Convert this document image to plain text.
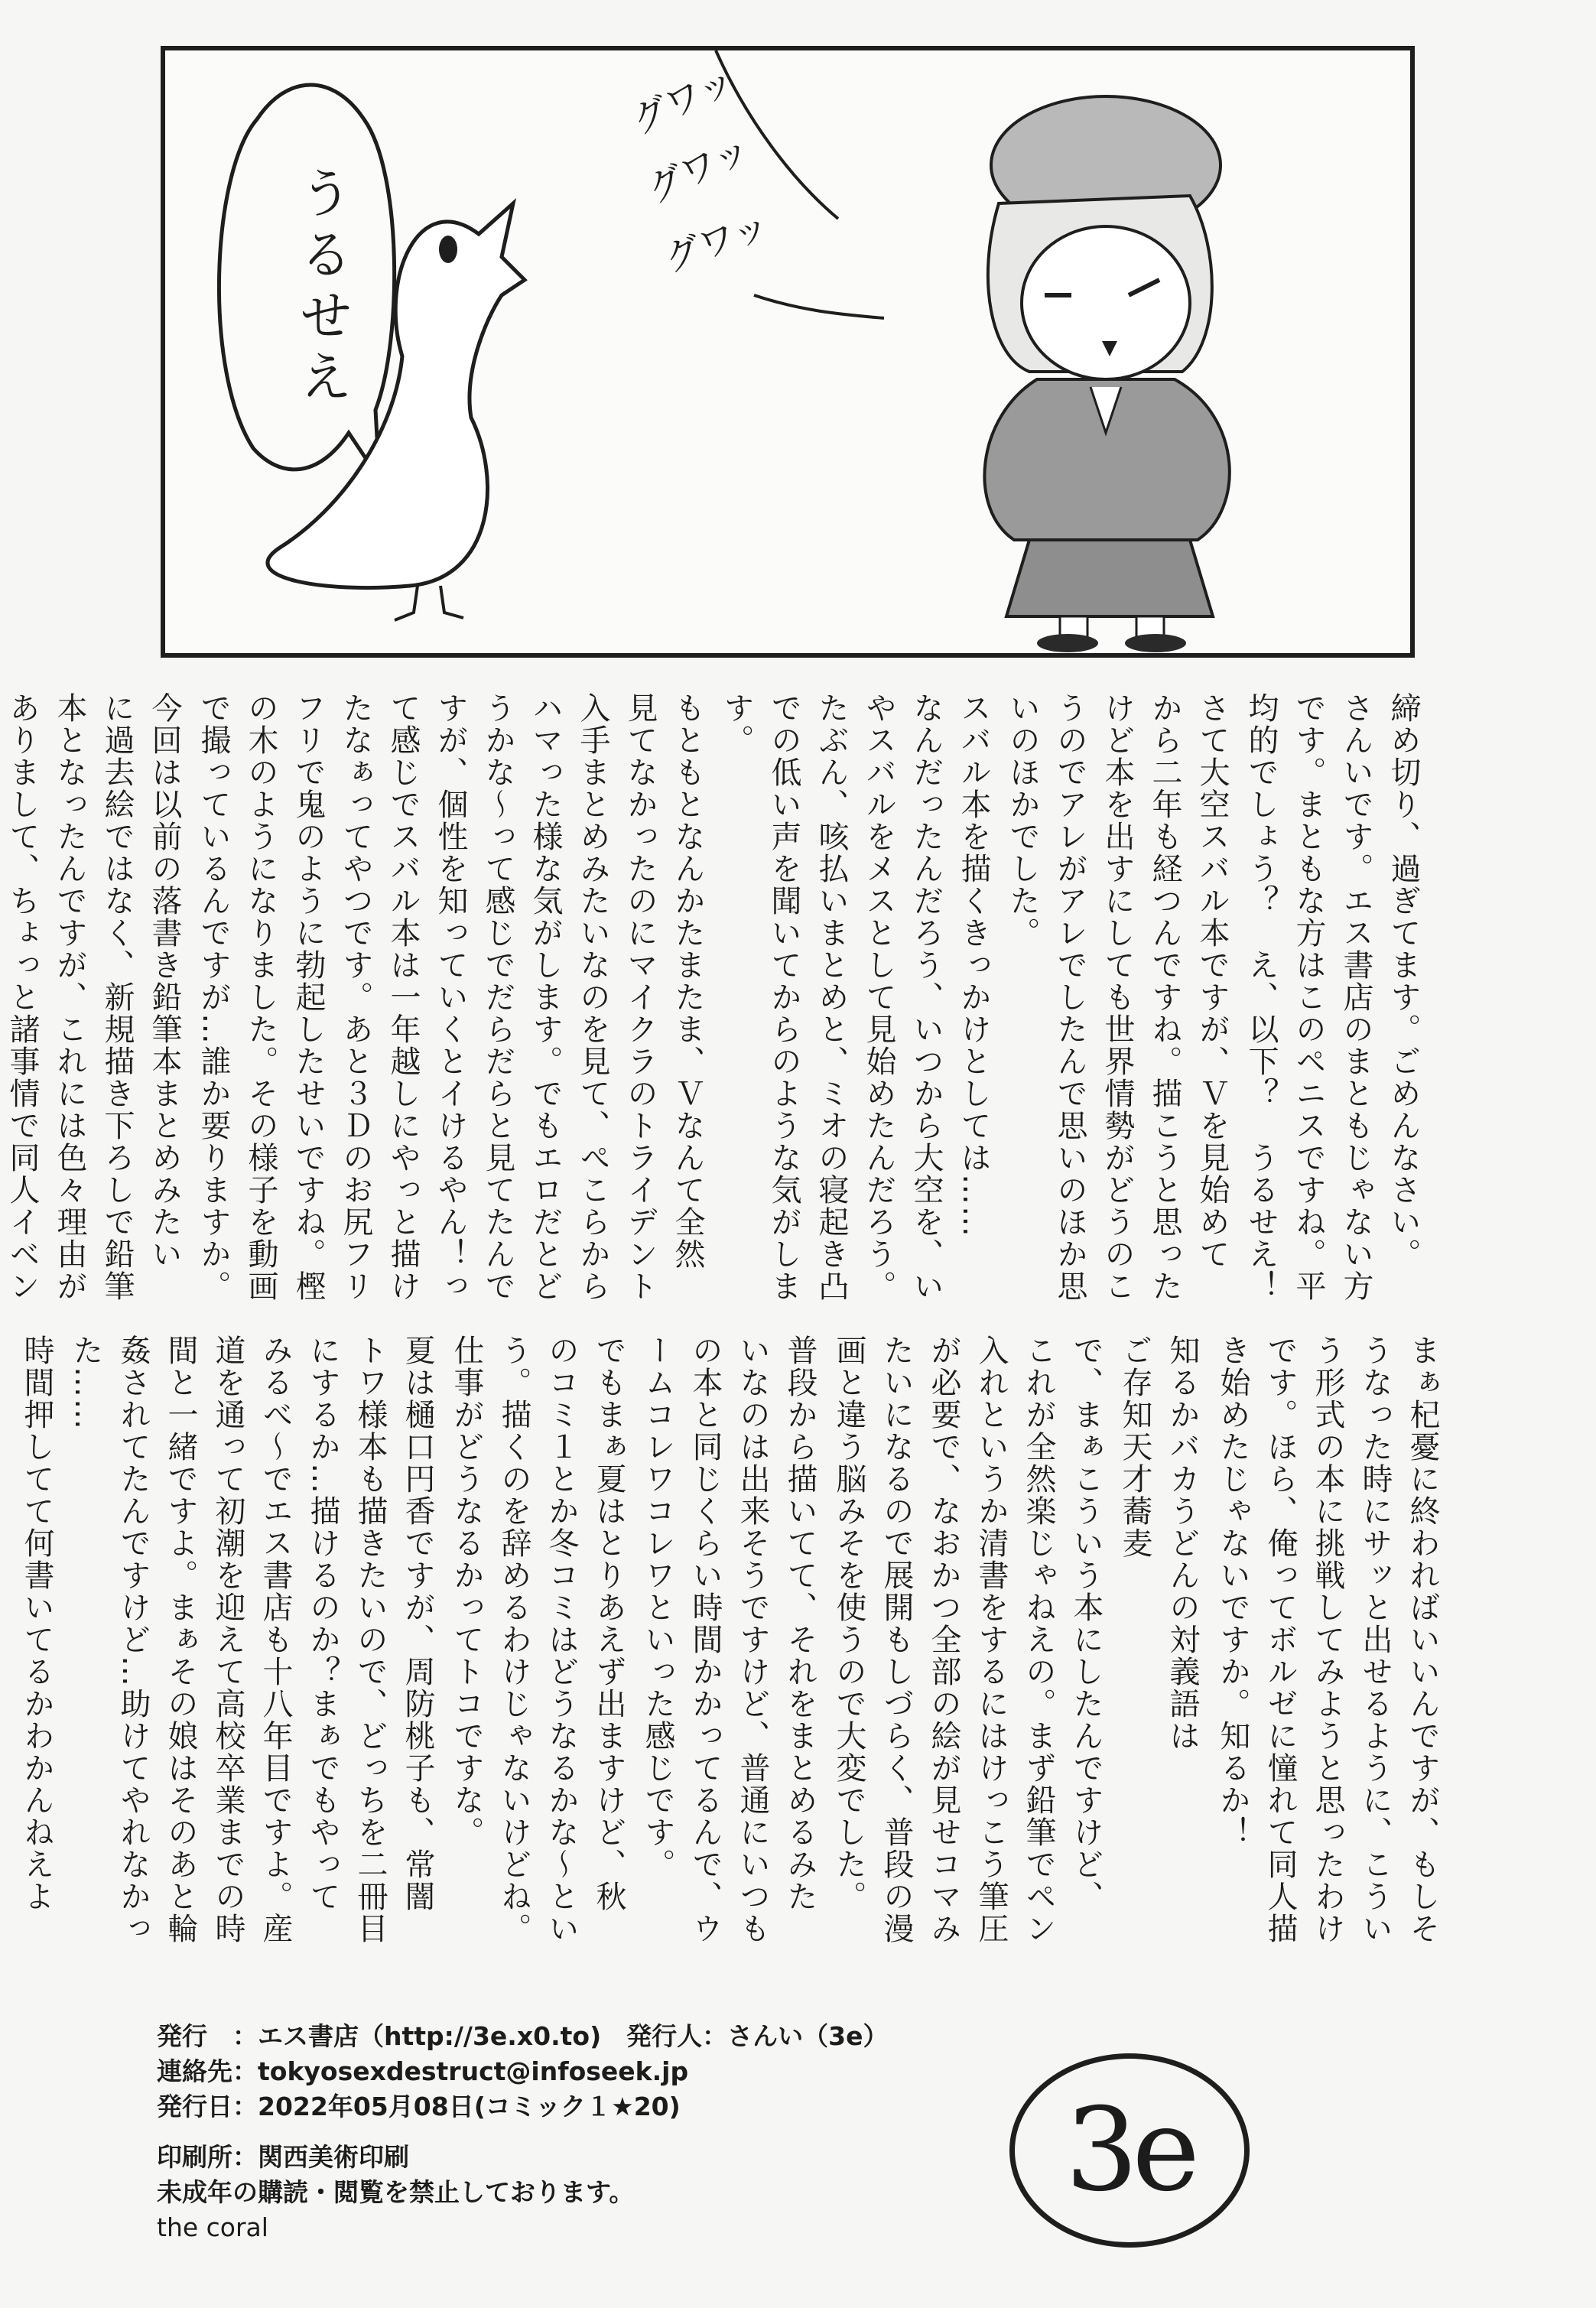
うるせえ
グワッ
グワッ
グワッ
締め切り、過ぎてます。ごめんなさい。
さんいです。エス書店のまともじゃない方
です。まともな方はこのペニスですね。平
均的でしょう？　え、以下？　うるせえ！
さて大空スバル本ですが、Ｖを見始めて
から二年も経つんですね。描こうと思った
けど本を出すにしても世界情勢がどうのこ
うのでアレがアレでしたんで思いのほか思
いのほかでした。
スバル本を描くきっかけとしては……
なんだったんだろう、いつから大空を、い
やスバルをメスとして見始めたんだろう。
たぶん、咳払いまとめと、ミオの寝起き凸
での低い声を聞いてからのような気がしま
す。
もともとなんかたまたま、Ｖなんて全然
見てなかったのにマイクラのトライデント
入手まとめみたいなのを見て、ぺこらから
ハマった様な気がします。でもエロだとど
うかな〜って感じでだらだらと見てたんで
すが、個性を知っていくとイけるやん！っ
て感じでスバル本は一年越しにやっと描け
たなぁってやつです。あと３Ｄのお尻フリ
フリで鬼のように勃起したせいですね。樫
の木のようになりました。その様子を動画
で撮っているんですが…誰か要りますか。
今回は以前の落書き鉛筆本まとめみたい
に過去絵ではなく、新規描き下ろしで鉛筆
本となったんですが、これには色々理由が
ありまして、ちょっと諸事情で同人イベン
まぁ杞憂に終わればいいんですが、もしそ
うなった時にサッと出せるように、こうい
う形式の本に挑戦してみようと思ったわけ
です。ほら、俺ってボルゼに憧れて同人描
き始めたじゃないですか。知るか！
知るかバカうどんの対義語は
ご存知天才蕎麦
で、まぁこういう本にしたんですけど、
これが全然楽じゃねえの。まず鉛筆でペン
入れというか清書をするにはけっこう筆圧
が必要で、なおかつ全部の絵が見せコマみ
たいになるので展開もしづらく、普段の漫
画と違う脳みそを使うので大変でした。
普段から描いてて、それをまとめるみた
いなのは出来そうですけど、普通にいつも
の本と同じくらい時間かかってるんで、ウ
ームコレワコレワといった感じです。
でもまぁ夏はとりあえず出ますけど、秋
のコミ１とか冬コミはどうなるかな〜とい
う。描くのを辞めるわけじゃないけどね。
仕事がどうなるかってトコですな。
夏は樋口円香ですが、周防桃子も、常闇
トワ様本も描きたいので、どっちを二冊目
にするか…描けるのか？まぁでもやって
みるべ〜でエス書店も十八年目ですよ。産
道を通って初潮を迎えて高校卒業までの時
間と一緒ですよ。まぁその娘はそのあと輪
姦されてたんですけど…助けてやれなかっ
た……
時間押してて何書いてるかわかんねえよ
発行　：エス書店（http://3e.x0.to)　発行人：さんい（3e）
連絡先：tokyosexdestruct@infoseek.jp
発行日：2022年05月08日(コミック１★20)
印刷所：関西美術印刷
未成年の購読・閲覧を禁止しております。
the coral
3e
